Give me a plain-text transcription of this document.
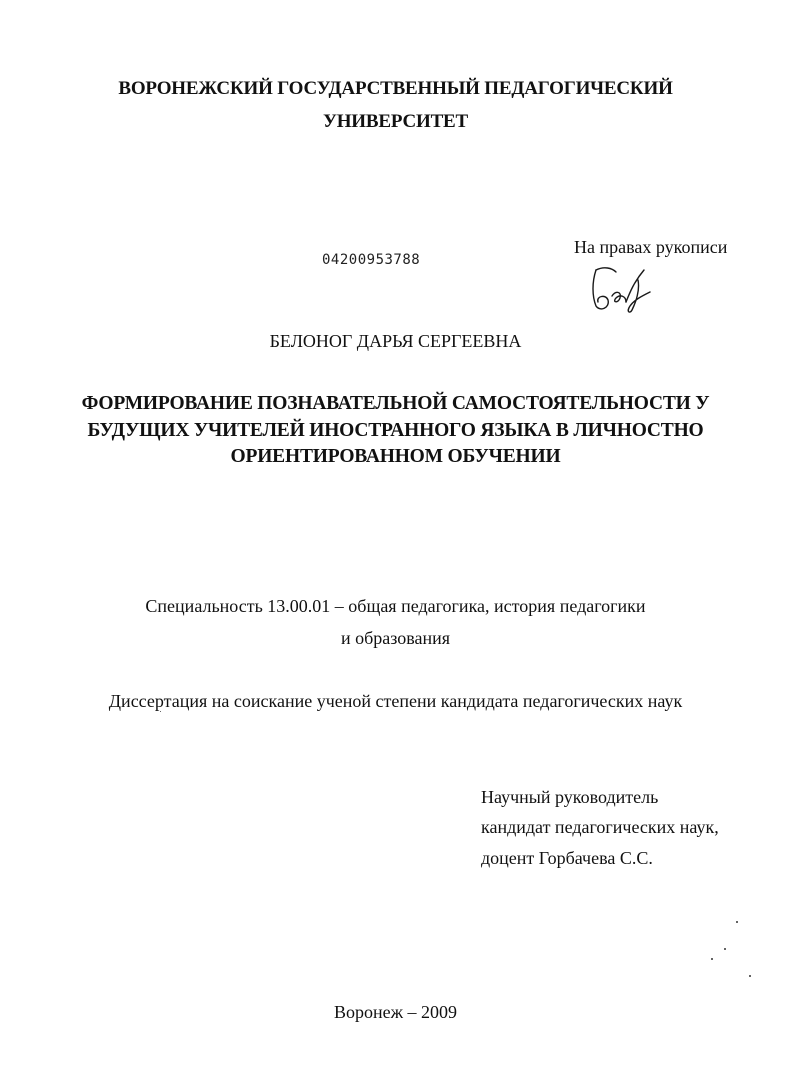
ВОРОНЕЖСКИЙ ГОСУДАРСТВЕННЫЙ ПЕДАГОГИЧЕСКИЙ
УНИВЕРСИТЕТ
04200953788
На правах рукописи
БЕЛОНОГ ДАРЬЯ СЕРГЕЕВНА
ФОРМИРОВАНИЕ ПОЗНАВАТЕЛЬНОЙ САМОСТОЯТЕЛЬНОСТИ У
БУДУЩИХ УЧИТЕЛЕЙ ИНОСТРАННОГО ЯЗЫКА В ЛИЧНОСТНО
ОРИЕНТИРОВАННОМ ОБУЧЕНИИ
Специальность 13.00.01 – общая педагогика, история педагогики
и образования
Диссертация на соискание ученой степени кандидата педагогических наук
Научный руководитель
кандидат педагогических наук,
доцент Горбачева С.С.
Воронеж – 2009
